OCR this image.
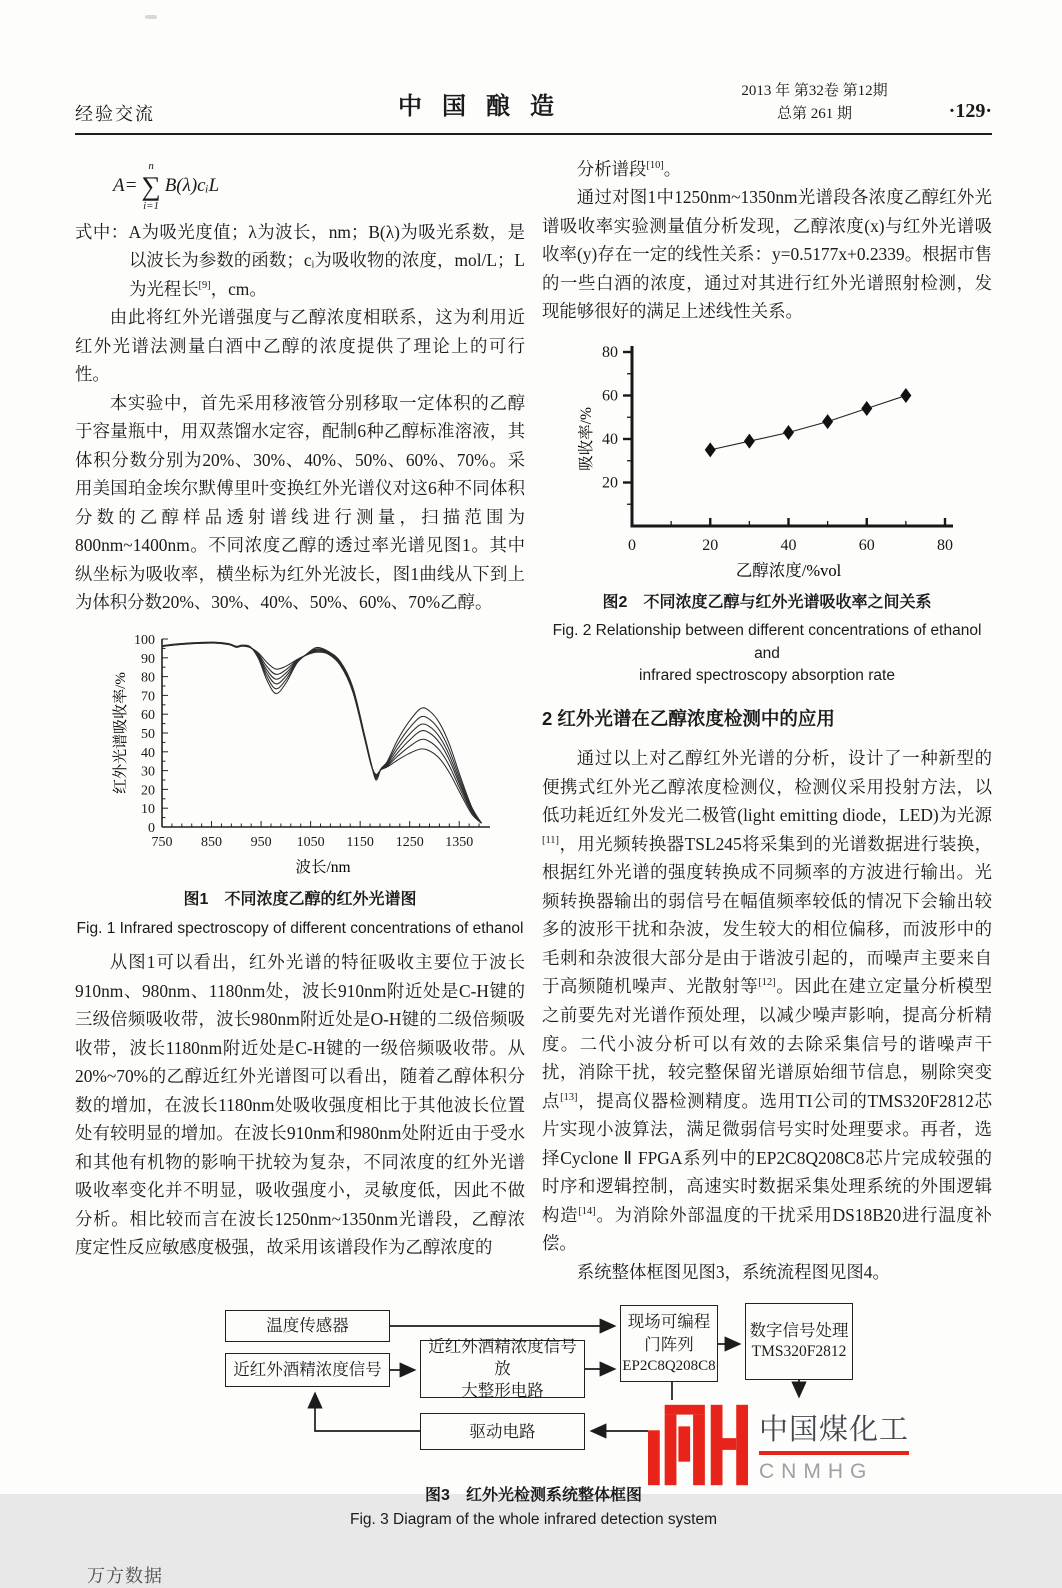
经验交流	中国酿造
2013 年 第32卷 第12期
总第 261 期	·129·
A=
n
∑
i=1
B(λ)cᵢL

式中：A为吸光度值；λ为波长，nm；B(λ)为吸光系数，是以波长为参数的函数；cᵢ为吸收物的浓度，mol/L；L为光程长[9]，cm。

由此将红外光谱强度与乙醇浓度相联系，这为利用近红外光谱法测量白酒中乙醇的浓度提供了理论上的可行性。

本实验中，首先采用移液管分别移取一定体积的乙醇于容量瓶中，用双蒸馏水定容，配制6种乙醇标准溶液，其体积分数分别为20%、30%、40%、50%、60%、70%。采用美国珀金埃尔默傅里叶变换红外光谱仪对这6种不同体积分数的乙醇样品透射谱线进行测量，扫描范围为800nm~1400nm。不同浓度乙醇的透过率光谱见图1。其中纵坐标为吸收率，横坐标为红外光波长，图1曲线从下到上为体积分数20%、30%、40%、50%、60%、70%乙醇。

0
10
20
30
40
50
60
70
80
90
100
750 850 950 1050 1150 1250 1350
波长/nm
红外光谱吸收率/%
图1　不同浓度乙醇的红外光谱图
Fig. 1 Infrared spectroscopy of different concentrations of ethanol

从图1可以看出，红外光谱的特征吸收主要位于波长910nm、980nm、1180nm处，波长910nm附近处是C-H键的三级倍频吸收带，波长980nm附近处是O-H键的二级倍频吸收带，波长1180nm附近处是C-H键的一级倍频吸收带。从20%~70%的乙醇近红外光谱图可以看出，随着乙醇体积分数的增加，在波长1180nm处吸收强度相比于其他波长位置处有较明显的增加。在波长910nm和980nm处附近由于受水和其他有机物的影响干扰较为复杂，不同浓度的红外光谱吸收率变化并不明显，吸收强度小，灵敏度低，因此不做分析。相比较而言在波长1250nm~1350nm光谱段，乙醇浓度定性反应敏感度极强，故采用该谱段作为乙醇浓度的

分析谱段[10]。

通过对图1中1250nm~1350nm光谱段各浓度乙醇红外光谱吸收率实验测量值分析发现，乙醇浓度(x)与红外光谱吸收率(y)存在一定的线性关系：y=0.5177x+0.2339。根据市售的一些白酒的浓度，通过对其进行红外光谱照射检测，发现能够很好的满足上述线性关系。

20
40
60
80
0	20	40	60	80
乙醇浓度/%vol
吸收率/%
图2　不同浓度乙醇与红外光谱吸收率之间关系
Fig. 2 Relationship between different concentrations of ethanol and
infrared spectroscopy absorption rate
2 红外光谱在乙醇浓度检测中的应用

通过以上对乙醇红外光谱的分析，设计了一种新型的便携式红外光乙醇浓度检测仪，检测仪采用投射方法，以低功耗近红外发光二极管(light emitting diode，LED)为光源[11]，用光频转换器TSL245将采集到的光谱数据进行装换，根据红外光谱的强度转换成不同频率的方波进行输出。光频转换器输出的弱信号在幅值频率较低的情况下会输出较多的波形干扰和杂波，发生较大的相位偏移，而波形中的毛刺和杂波很大部分是由于谐波引起的，而噪声主要来自于高频随机噪声、光散射等[12]。因此在建立定量分析模型之前要先对光谱作预处理，以减少噪声影响，提高分析精度。二代小波分析可以有效的去除采集信号的谐噪声干扰，消除干扰，较完整保留光谱原始细节信息，剔除突变点[13]，提高仪器检测精度。选用TI公司的TMS320F2812芯片实现小波算法，满足微弱信号实时处理要求。再者，选择Cyclone Ⅱ FPGA系列中的EP2C8Q208C8芯片完成较强的时序和逻辑控制，高速实时数据采集处理系统的外围逻辑构造[14]。为消除外部温度的干扰采用DS18B20进行温度补偿。

系统整体框图见图3，系统流程图见图4。

温度传感器
近红外酒精浓度信号
近红外酒精浓度信号放
大整形电路
现场可编程
门阵列
EP2C8Q208C8
数字信号处理
TMS320F2812
驱动电路	中国煤化工
CNMHG
图3　红外光检测系统整体框图
Fig. 3 Diagram of the whole infrared detection system
万方数据
